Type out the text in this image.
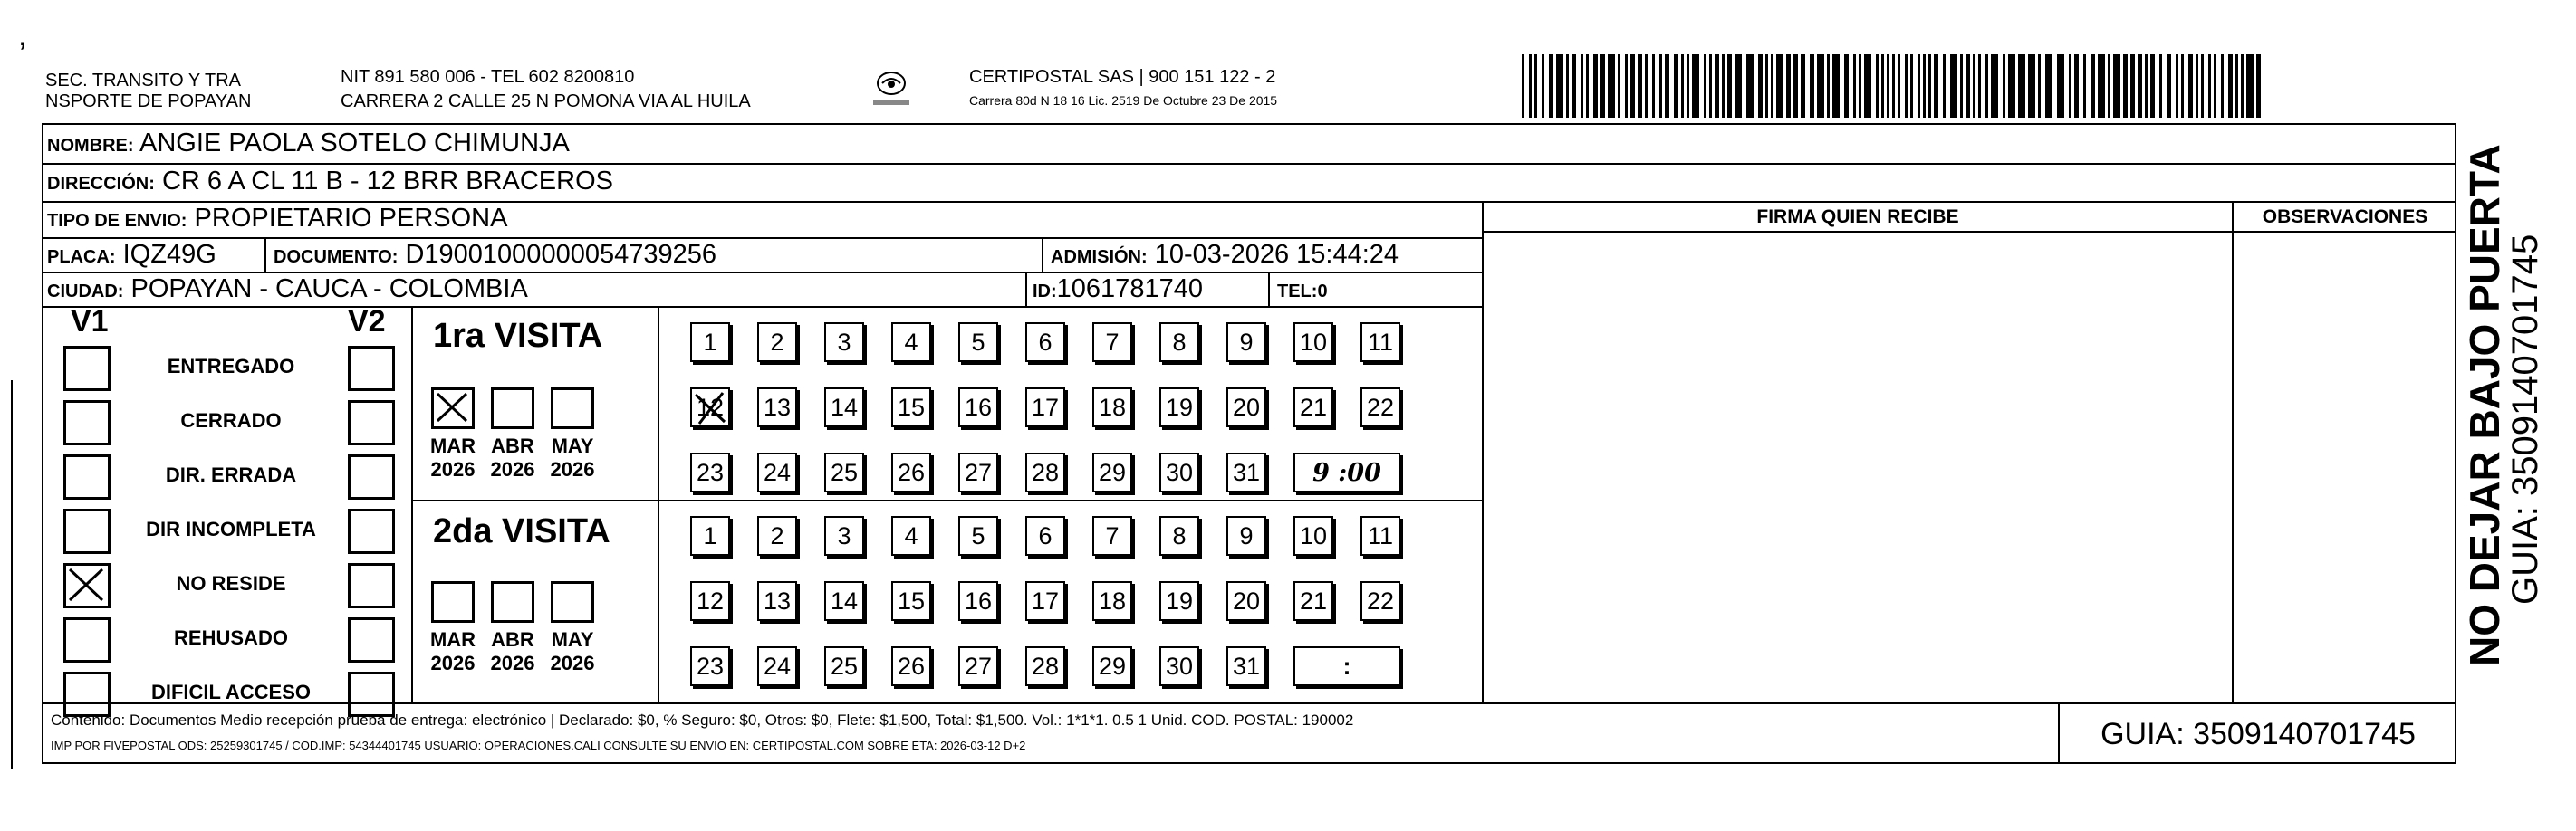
 ʼ
SEC. TRANSITO Y TRA
NSPORTE DE POPAYAN
NIT 891 580 006 - TEL 602 8200810
CARRERA 2 CALLE 25 N POMONA VIA AL HUILA
CERTIPOSTAL SAS | 900 151 122 - 2
Carrera 80d N 18 16 Lic. 2519 De Octubre 23 De 2015
NOMBRE: ANGIE PAOLA SOTELO CHIMUNJA
DIRECCIÓN: CR 6 A CL 11 B - 12 BRR BRACEROS
TIPO DE ENVIO: PROPIETARIO PERSONA	FIRMA QUIEN RECIBE	OBSERVACIONES
PLACA: IQZ49G	DOCUMENTO: D19001000000054739256	ADMISIÓN: 10-03-2026 15:44:24
CIUDAD: POPAYAN - CAUCA - COLOMBIA	ID:1061781740	TEL:0
V1	V2
ENTREGADO
CERRADO
DIR. ERRADA
DIR INCOMPLETA
NO RESIDE
REHUSADO
DIFICIL ACCESO
1ra VISITA
2da VISITA
MAR
2026
ABR
2026
MAY
2026
1	2	3	4	5	6	7	8	9	10 11
12 13 14 15 16 17 18 19 20 21 22
23 24 25 26 27 28 29 30 31	9 :00
MAR
2026
ABR
2026
MAY
2026
1	2	3	4	5	6	7	8	9	10 11
12 13 14 15 16 17 18 19 20 21 22
23 24 25 26 27 28 29 30 31	:
Contenido: Documentos Medio recepción prueba de entrega: electrónico | Declarado: $0, % Seguro: $0, Otros: $0, Flete: $1,500, Total: $1,500. Vol.: 1*1*1. 0.5 1 Unid. COD. POSTAL: 190002
IMP POR FIVEPOSTAL ODS: 25259301745 / COD.IMP: 54344401745 USUARIO: OPERACIONES.CALI CONSULTE SU ENVIO EN: CERTIPOSTAL.COM SOBRE ETA: 2026-03-12 D+2	GUIA: 3509140701745
NO DEJAR BAJO PUERTA
GUIA: 3509140701745
